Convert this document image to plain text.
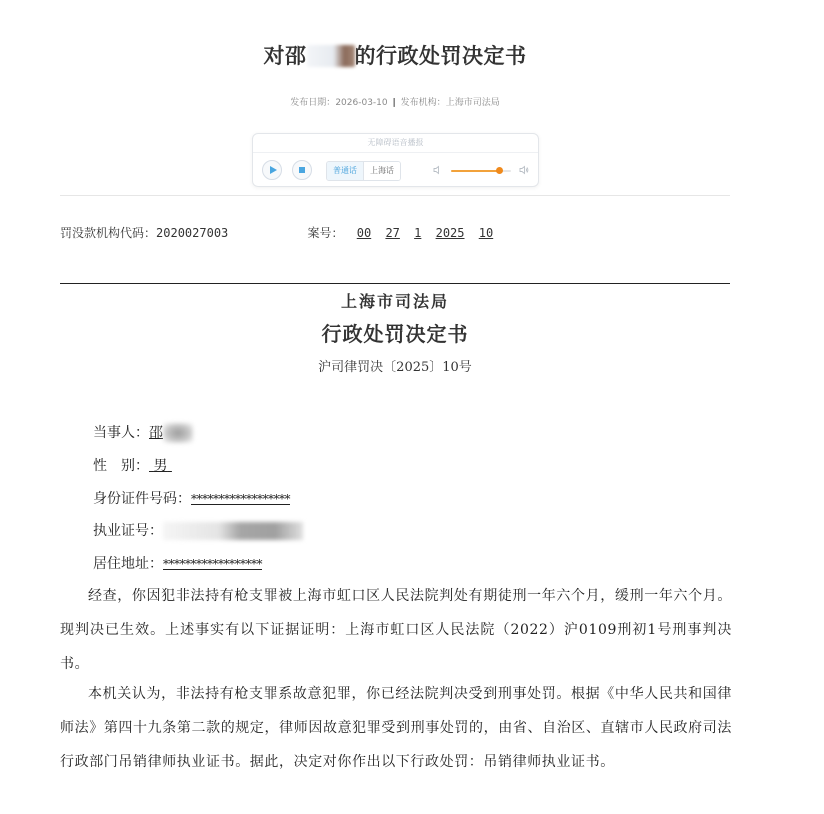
对邵 的行政处罚决定书
发布日期：2026-03-10 | 发布机构：上海市司法局
无障碍语音播报
普通话	上海话
罚没款机构代码：2020027003	案号： 00 27 1 2025 10
上海市司法局
行政处罚决定书
沪司律罚决〔2025〕10号
当事人：邵
性　别： 男
身份证件号码：******************
执业证号：
居住地址：******************

经查，你因犯非法持有枪支罪被上海市虹口区人民法院判处有期徒刑一年六个月，缓刑一年六个月。现判决已生效。上述事实有以下证据证明：上海市虹口区人民法院（2022）沪0109刑初1号刑事判决书。

本机关认为，非法持有枪支罪系故意犯罪，你已经法院判决受到刑事处罚。根据《中华人民共和国律师法》第四十九条第二款的规定，律师因故意犯罪受到刑事处罚的，由省、自治区、直辖市人民政府司法行政部门吊销律师执业证书。据此，决定对你作出以下行政处罚：吊销律师执业证书。
